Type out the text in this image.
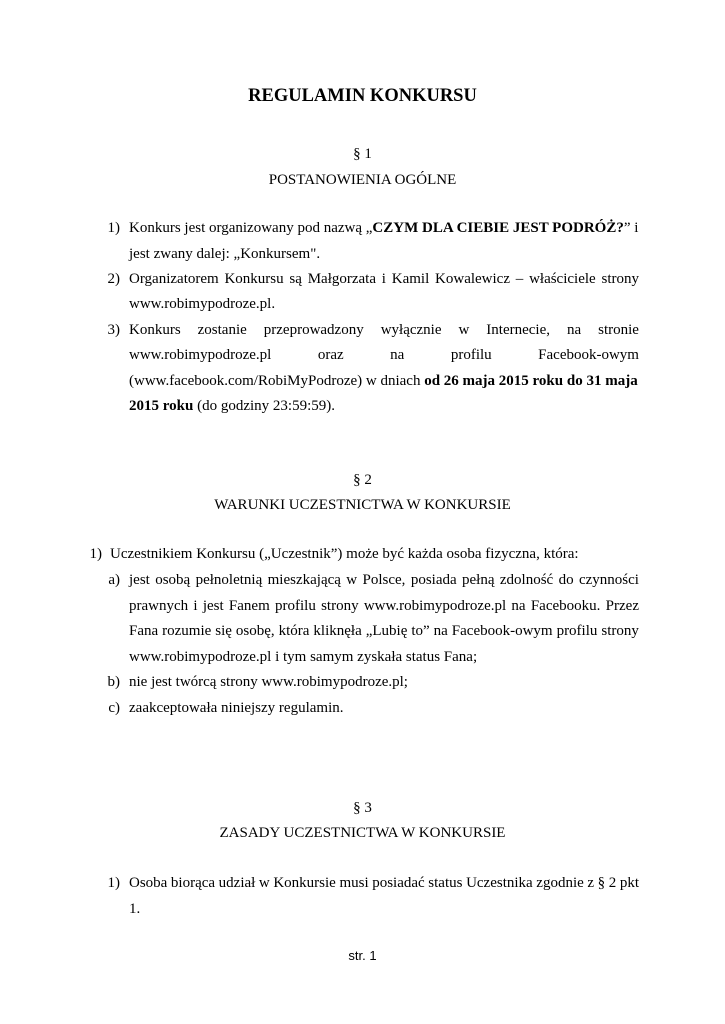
REGULAMIN KONKURSU
§ 1
POSTANOWIENIA OGÓLNE
1) Konkurs jest organizowany pod nazwą „CZYM DLA CIEBIE JEST PODRÓŻ?” i
jest zwany dalej: „Konkursem".
2) Organizatorem Konkursu są Małgorzata i Kamil Kowalewicz – właściciele strony
www.robimypodroze.pl.
3) Konkurs zostanie przeprowadzony wyłącznie w Internecie, na stronie
www.robimypodroze.pl	oraz	na	profilu	Facebook-owym
(www.facebook.com/RobiMyPodroze) w dniach od 26 maja 2015 roku do 31 maja
2015 roku (do godziny 23:59:59).
§ 2
WARUNKI UCZESTNICTWA W KONKURSIE
1) Uczestnikiem Konkursu („Uczestnik”) może być każda osoba fizyczna, która:
a) jest osobą pełnoletnią mieszkającą w Polsce, posiada pełną zdolność do czynności
prawnych i jest Fanem profilu strony www.robimypodroze.pl na Facebooku. Przez
Fana rozumie się osobę, która kliknęła „Lubię to” na Facebook-owym profilu strony
www.robimypodroze.pl i tym samym zyskała status Fana;
b) nie jest twórcą strony www.robimypodroze.pl;
c) zaakceptowała niniejszy regulamin.
§ 3
ZASADY UCZESTNICTWA W KONKURSIE
1) Osoba biorąca udział w Konkursie musi posiadać status Uczestnika zgodnie z § 2 pkt
1.
str. 1
